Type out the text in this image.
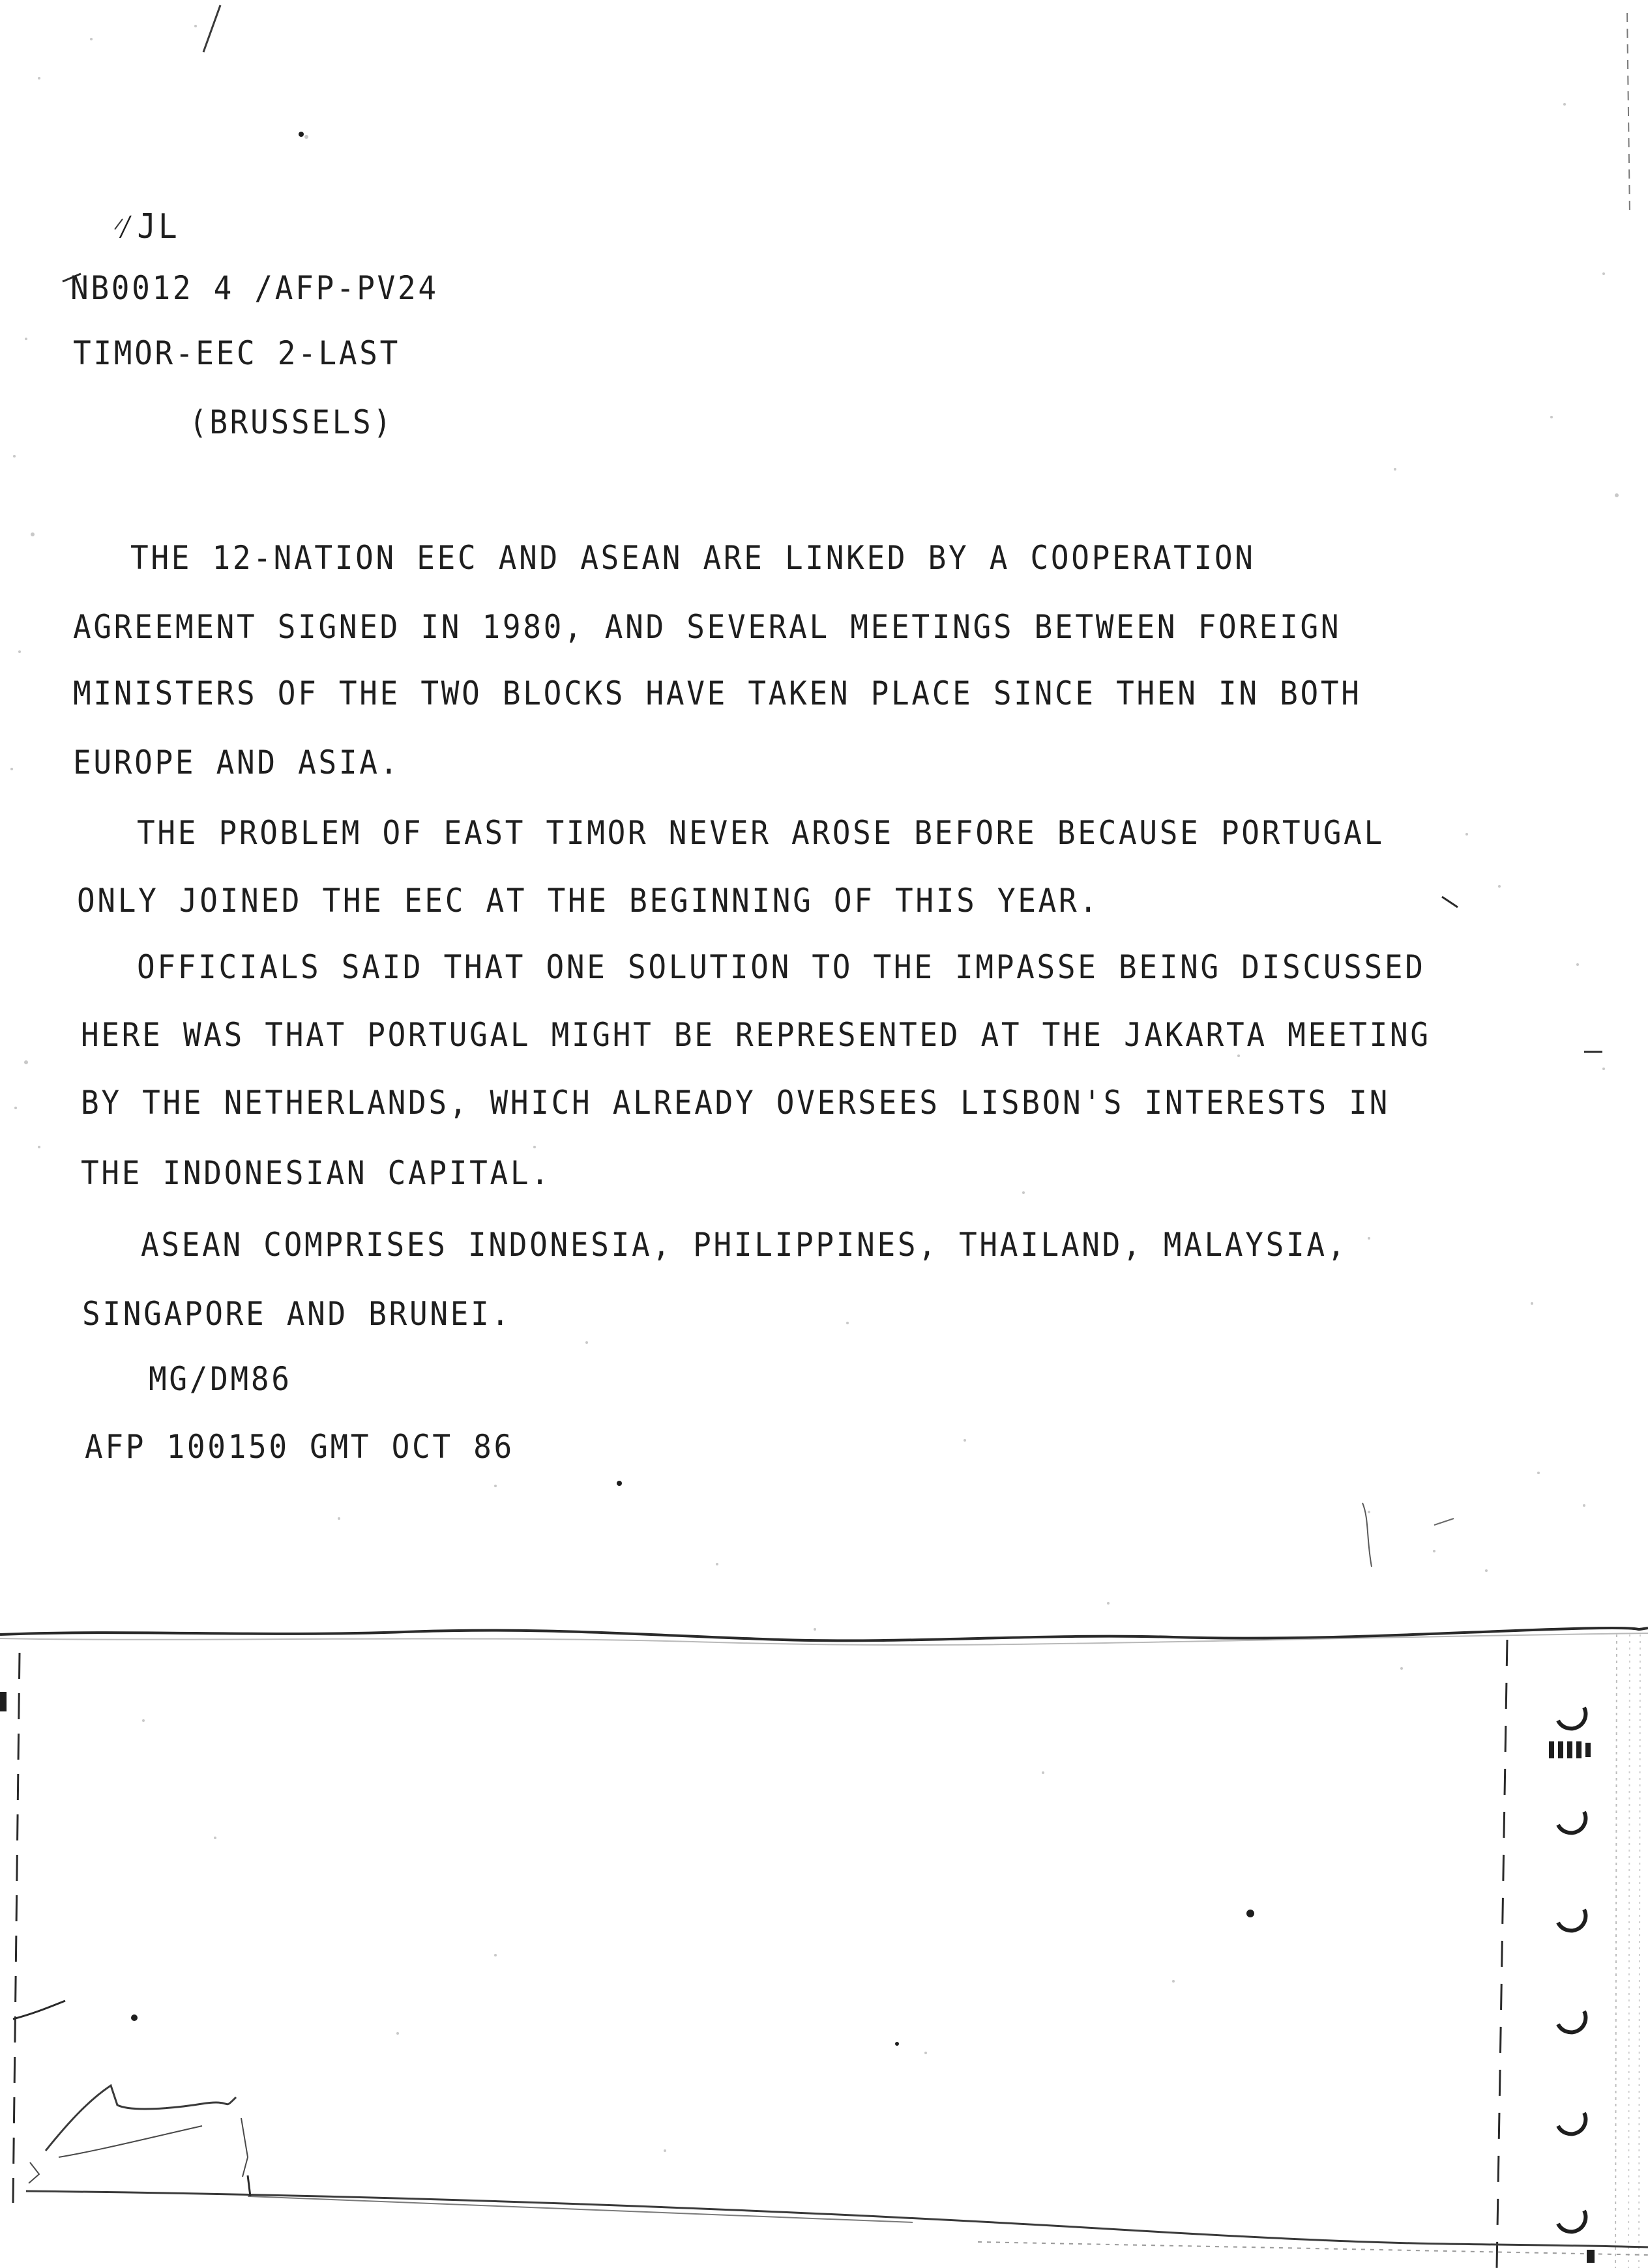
⁄JL
NB0012 4 /AFP-PV24
TIMOR-EEC 2-LAST
(BRUSSELS)
THE 12-NATION EEC AND ASEAN ARE LINKED BY A COOPERATION
AGREEMENT SIGNED IN 1980, AND SEVERAL MEETINGS BETWEEN FOREIGN
MINISTERS OF THE TWO BLOCKS HAVE TAKEN PLACE SINCE THEN IN BOTH
EUROPE AND ASIA.
THE PROBLEM OF EAST TIMOR NEVER AROSE BEFORE BECAUSE PORTUGAL
ONLY JOINED THE EEC AT THE BEGINNING OF THIS YEAR.
OFFICIALS SAID THAT ONE SOLUTION TO THE IMPASSE BEING DISCUSSED
HERE WAS THAT PORTUGAL MIGHT BE REPRESENTED AT THE JAKARTA MEETING
BY THE NETHERLANDS, WHICH ALREADY OVERSEES LISBON'S INTERESTS IN
THE INDONESIAN CAPITAL.
ASEAN COMPRISES INDONESIA, PHILIPPINES, THAILAND, MALAYSIA,
SINGAPORE AND BRUNEI.
MG/DM86
AFP 100150 GMT OCT 86
